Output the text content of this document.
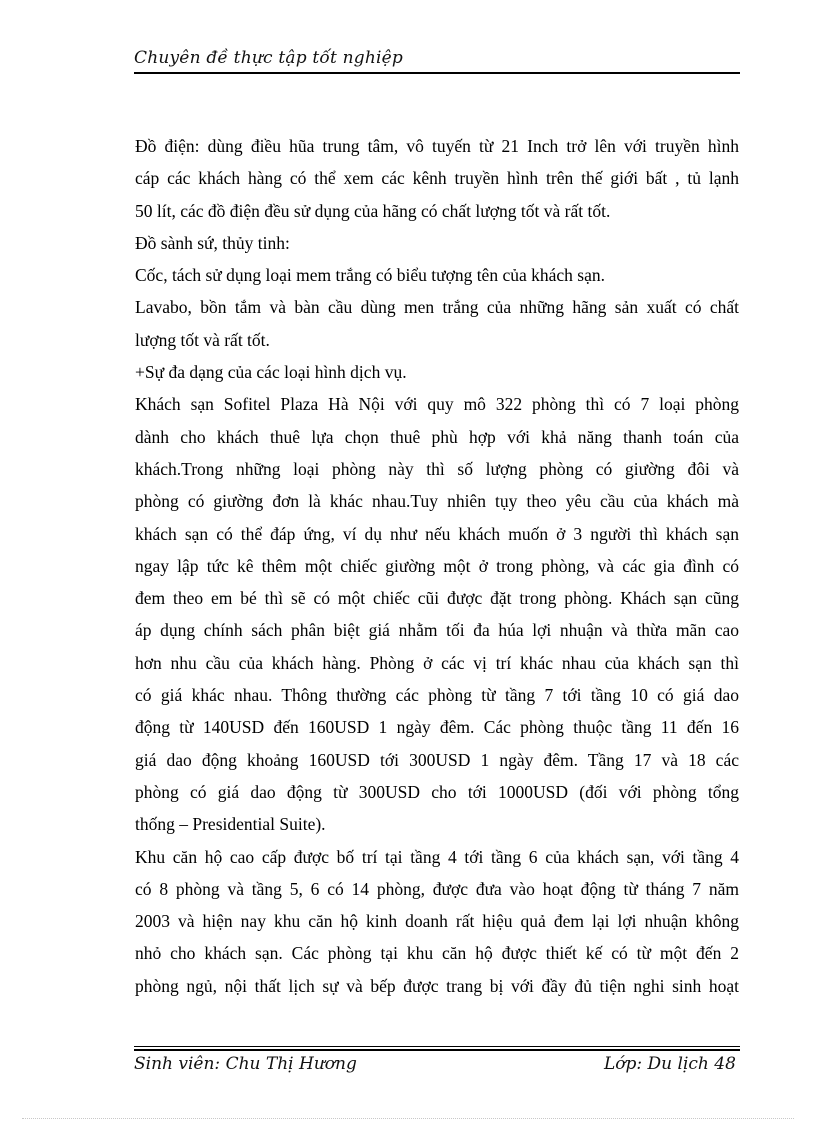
Chuyên đề thực tập tốt nghiệp
Đồ điện: dùng điều hũa trung tâm, vô tuyến từ 21 Inch trở lên với truyền hình
cáp các khách hàng có thể xem các kênh truyền hình trên thế giới bất , tủ lạnh
50 lít, các đồ điện đều sử dụng của hãng có chất lượng tốt và rất tốt.
Đồ sành sứ, thủy tinh:
Cốc, tách sử dụng loại mem trắng có biểu tượng tên của khách sạn.
Lavabo, bồn tắm và bàn cầu dùng men trắng của những hãng sản xuất có chất
lượng tốt và rất tốt.
+Sự đa dạng của các loại hình dịch vụ.
Khách sạn Sofitel Plaza Hà Nội với quy mô 322 phòng thì có 7 loại phòng
dành cho khách thuê lựa chọn thuê phù hợp với khả năng thanh toán của
khách.Trong những loại phòng này thì số lượng phòng có giường đôi và
phòng có giường đơn là khác nhau.Tuy nhiên tụy theo yêu cầu của khách mà
khách sạn có thể đáp ứng, ví dụ như nếu khách muốn ở 3 người thì khách sạn
ngay lập tức kê thêm một chiếc giường một ở trong phòng, và các gia đình có
đem theo em bé thì sẽ có một chiếc cũi được đặt trong phòng. Khách sạn cũng
áp dụng chính sách phân biệt giá nhằm tối đa húa lợi nhuận và thừa mãn cao
hơn nhu cầu của khách hàng. Phòng ở các vị trí khác nhau của khách sạn thì
có giá khác nhau. Thông thường các phòng từ tầng 7 tới tầng 10 có giá dao
động từ 140USD đến 160USD 1 ngày đêm. Các phòng thuộc tầng 11 đến 16
giá dao động khoảng 160USD tới 300USD 1 ngày đêm. Tầng 17 và 18 các
phòng có giá dao động từ 300USD cho tới 1000USD (đối với phòng tổng
thống – Presidential Suite).
Khu căn hộ cao cấp được bố trí tại tầng 4 tới tầng 6 của khách sạn, với tầng 4
có 8 phòng và tầng 5, 6 có 14 phòng, được đưa vào hoạt động từ tháng 7 năm
2003 và hiện nay khu căn hộ kinh doanh rất hiệu quả đem lại lợi nhuận không
nhỏ cho khách sạn. Các phòng tại khu căn hộ được thiết kế có từ một đến 2
phòng ngủ, nội thất lịch sự và bếp được trang bị với đầy đủ tiện nghi sinh hoạt
Sinh viên: Chu Thị Hương	Lớp: Du lịch 48
